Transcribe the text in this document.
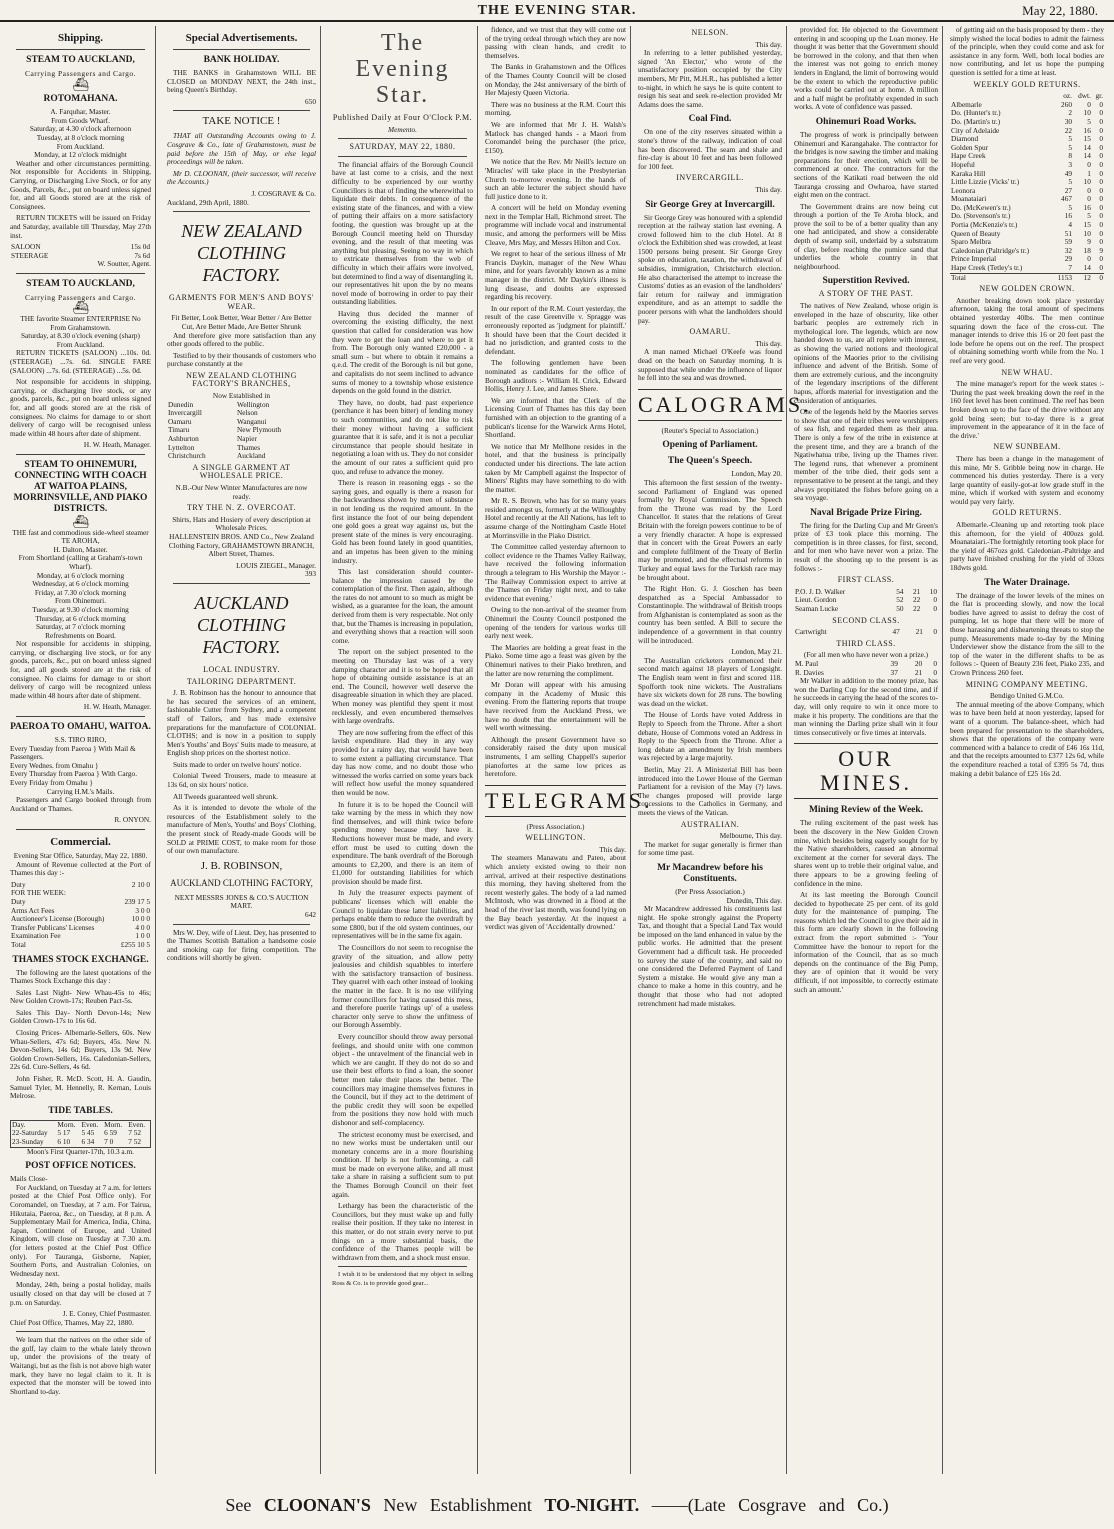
THE EVENING STAR.	May 22, 1880.
Shipping.
STEAM TO AUCKLAND,
Carrying Passengers and Cargo.
⛴
ROTOMAHANA.
A. Farquhar, Master.
From Goods Wharf.
Saturday, at 4.30 o'clock afternoon
Tuesday, at 8 o'clock morning
From Auckland.
Monday, at 12 o'clock midnight

Weather and other circumstances permitting. Not responsible for Accidents in Shipping, Carrying, or Discharging Live Stock, or for any Goods, Parcels, &c., put on board unless signed for, and all Goods stored are at the risk of Consignees.

RETURN TICKETS will be issued on Friday and Saturday, available till Thursday, May 27th inst.

SALOON	15s 0d
STEERAGE	7s 6d
W. Soutter, Agent.
STEAM TO AUCKLAND,
Carrying Passengers and Cargo.
⛴
THE favorite Steamer ENTERPRISE No
From Grahamstown.
Saturday, at 8.30 o'clock evening (sharp)
From Auckland.

RETURN TICKETS (SALOON) ...10s. 0d. (STEERAGE) ...7s. 6d. SINGLE FARE (SALOON) ...7s. 6d. (STEERAGE) ...5s. 0d.

Not responsible for accidents in shipping, carrying, or discharging live stock, or any goods, parcels, &c., put on board unless signed for, and all goods stored are at the risk of consignees. No claims for damage to or short delivery of cargo will be recognised unless made within 48 hours after date of shipment.

H. W. Heath, Manager.
STEAM TO OHINEMURI, CONNECTING WITH COACH AT WAITOA PLAINS, MORRINSVILLE, AND PIAKO DISTRICTS.
⛴
THE fast and commodious side-wheel steamer TE AROHA,
H. Dalton, Master.
From Shortland (calling at Graham's-town Wharf).
Monday, at 6 o'clock morning
Wednesday, at 6 o'clock morning
Friday, at 7.30 o'clock morning
From Ohinemuri.
Tuesday, at 9.30 o'clock morning
Thursday, at 6 o'clock morning
Saturday, at 7 o'clock morning
Refreshments on Board.

Not responsible for accidents in shipping, carrying, or discharging live stock, or for any goods, parcels, &c., put on board unless signed for, and all goods stored are at the risk of consignee. No claims for damage to or short delivery of cargo will be recognized unless made within 48 hours after date of shipment.

H. W. Heath, Manager.
PAEROA TO OMAHU, WAITOA.
S.S. TIRO RIRO,
Every Tuesday from Paeroa } With Mail & Passengers.
Every Wednes. from Omahu }
Every Thursday from Paeroa } With Cargo.
Every Friday from Omahu }
Carrying H.M.'s Mails.

Passengers and Cargo booked through from Auckland or Thames.

R. ONYON.
Commercial.
Evening Star Office, Saturday, May 22, 1880.

Amount of Revenue collected at the Port of Thames this day :-

Duty	2 10 0
FOR THE WEEK:	
Duty	239 17 5
Arms Act Fees	3 0 0
Auctioneer's License (Borough)	10 0 0
Transfer Publicans' Licenses	4 0 0
Examination Fee	1 0 0
Total	£255 10 5
THAMES STOCK EXCHANGE.

The following are the latest quotations of the Thames Stock Exchange this day :

Sales Last Night- New Whau-45s to 46s; New Golden Crown-17s; Reuben Pact-5s.

Sales This Day- North Devon-14s; New Golden Crown-17s to 16s 6d.

Closing Prices- Albemarle-Sellers, 60s. New Whau-Sellers, 47s 6d; Buyers, 45s. New N. Devon-Sellers, 14s 6d; Buyers, 13s 9d. New Golden Crown-Sellers, 16s. Caledonian-Sellers, 22s 6d. Cure-Sellers, 4s 6d.

John Fisher, R. McD. Scott, H. A. Gaudin, Samuel Tyler, M. Hennelly, R. Kernan, Louis Melrose.

TIDE TABLES.
Day.	Morn.	Even.	Morn.	Even.
22-Saturday	5 17	5 45	6 59	7 52
23-Sunday	6 10	6 34	7 0	7 52
Moon's First Quarter-17th, 10.3 a.m.
POST OFFICE NOTICES.
Mails Close-

For Auckland, on Tuesday at 7 a.m. for letters posted at the Chief Post Office only). For Coromandel, on Tuesday, at 7 a.m. For Tairua, Hikutaia, Paeroa, &c., on Tuesday, at 8 p.m. A Supplementary Mail for America, India, China, Japan, Continent of Europe, and United Kingdom, will close on Tuesday at 7.30 a.m. (for letters posted at the Chief Post Office only). For Tauranga, Gisborne, Napier, Southern Ports, and Australian Colonies, on Wednesday next.

Monday, 24th, being a postal holiday, mails usually closed on that day will be closed at 7 p.m. on Saturday.

J. E. Coney, Chief Postmaster.
Chief Post Office, Thames, May 22, 1880.

We learn that the natives on the other side of the gulf, lay claim to the whale lately thrown up, under the provisions of the treaty of Waitangi, but as the fish is not above high water mark, they have no legal claim to it. It is expected that the monster will be towed into Shortland to-day.

Special Advertisements.
BANK HOLIDAY.

THE BANKS in Grahamstown WILL BE CLOSED on MONDAY NEXT, the 24th inst., being Queen's Birthday.

650
TAKE NOTICE !

THAT all Outstanding Accounts owing to J. Cosgrave & Co., late of Grahamstown, must be paid before the 15th of May, or else legal proceedings will be taken.

Mr D. CLOONAN, (their successor, will receive the Accounts.)

J. COSGRAVE & Co.
Auckland, 29th April, 1880.
NEW ZEALAND CLOTHING FACTORY.
GARMENTS FOR MEN'S AND BOYS' WEAR.
Fit Better, Look Better, Wear Better / Are Better Cut, Are Better Made, Are Better Shrunk

And therefore give more satisfaction than any other goods offered to the public.

Testified to by their thousands of customers who purchase constantly at the

NEW ZEALAND CLOTHING FACTORY'S BRANCHES,
Now Established in
Dunedin	Wellington
Invercargill	Nelson
Oamaru	Wanganui
Timaru	New Plymouth
Ashburton	Napier
Lyttelton	Thames
Christchurch	Auckland
A SINGLE GARMENT AT WHOLESALE PRICE.
N.B.-Our New Winter Manufactures are now ready.
TRY THE N. Z. OVERCOAT.
Shirts, Hats and Hosiery of every description at Wholesale Prices.

HALLENSTEIN BROS. AND Co., New Zealand Clothing Factory, GRAHAMSTOWN BRANCH, Albert Street, Thames.

LOUIS ZIEGEL, Manager.
393
AUCKLAND CLOTHING FACTORY.
LOCAL INDUSTRY.
TAILORING DEPARTMENT.

J. B. Robinson has the honour to announce that he has secured the services of an eminent, fashionable Cutter from Sydney, and a competent staff of Tailors, and has made extensive preparations for the manufacture of COLONIAL CLOTHS; and is now in a position to supply Men's Youths' and Boys' Suits made to measure, at English shop prices on the shortest notice.

Suits made to order on twelve hours' notice.

Colonial Tweed Trousers, made to measure at 13s 6d, on six hours' notice.

All Tweeds guaranteed well shrunk.

As it is intended to devote the whole of the resources of the Establishment solely to the manufacture of Men's, Youths' and Boys' Clothing, the present stock of Ready-made Goods will be SOLD at PRIME COST, to make room for those of our own manufacture.

J. B. ROBINSON,
AUCKLAND CLOTHING FACTORY,
NEXT MESSRS JONES & CO.'S AUCTION MART.
642

Mrs W. Dey, wife of Lieut. Dey, has presented to the Thames Scottish Battalion a handsome cosie and smoking cap for firing competition. The conditions will shortly be given.

The Evening Star.
Published Daily at Four O'Clock P.M.
Memento.
SATURDAY, MAY 22, 1880.

The financial affairs of the Borough Council have at last come to a crisis, and the next difficulty to be experienced by our worthy Councillors is that of finding the wherewithal to liquidate their debts. In consequence of the existing state of the finances, and with a view of putting their affairs on a more satisfactory footing, the question was brought up at the Borough Council meeting held on Thursday evening, and the result of that meeting was anything but pleasing. Seeing no way in which to extricate themselves from the web of difficulty in which their affairs were involved, but determined to find a way of disentangling it, our representatives hit upon the by no means novel mode of borrowing in order to pay their outstanding liabilities.

Having thus decided the manner of overcoming the existing difficulty, the next question that called for consideration was how they were to get the loan and where to get it from. The Borough only wanted £20,000 - a small sum - but where to obtain it remains a q.e.d. The credit of the Borough is nil but gone, and capitalists do not seem inclined to advance sums of money to a township whose existence depends on the gold found in the district.

They have, no doubt, had past experience (perchance it has been bitter) of lending money to such communities, and do not like to risk their money without having a sufficient guarantee that it is safe, and it is not a peculiar circumstance that people should hesitate in negotiating a loan with us. They do not consider the amount of our rates a sufficient quid pro quo, and refuse to advance the money.

There is reason in reasoning eggs - so the saying goes, and equally is there a reason for the backwardness shown by men of substance in not lending us the required amount. In the first instance the foot of our being dependent one gold goes a great way against us, but the present state of the mines is very encouraging. Gold has been found lately in good quantities, and an impetus has been given to the mining industry.

This last consideration should counter-balance the impression caused by the contemplation of the first. Then again, although the rates do not amount to so much as might be wished, as a guarantee for the loan, the amount derived from them is very respectable. Not only that, but the Thames is increasing in population, and everything shows that a reaction will soon come.

The report on the subject presented to the meeting on Thursday last was of a very damping character and it is to be hoped that all hope of obtaining outside assistance is at an end. The Council, however well deserve the disagreeable situation in which they are placed. When money was plentiful they spent it most recklessly, and even encumbered themselves with large overdrafts.

They are now suffering from the effect of this lavish expenditure. Had they in any way provided for a rainy day, that would have been to some extent a palliating circumstance. That day has now come, and no doubt those who witnessed the works carried on some years back will reflect how useful the money squandered then would be now.

In future it is to be hoped the Council will take warning by the mess in which they now find themselves, and will think twice before spending money because they have it. Reductions however must be made, and every effort must be used to cutting down the expenditure. The bank overdraft of the Borough amounts to £2,200, and there is an item of £1,000 for outstanding liabilities for which provision should be made first.

In July the treasurer expects payment of publicans' licenses which will enable the Council to liquidate these latter liabilities, and perhaps enable them to reduce the overdraft by some £800, but if the old system continues, our representatives will be in the same fix again.

The Councillors do not seem to recognise the gravity of the situation, and allow petty jealousies and childish squabbles to interfere with the satisfactory transaction of business. They quarrel with each other instead of looking the matter in the face. It is no use vilifying former councillors for having caused this mess, and therefore puerile 'ratings up' of a useless character only serve to show the unfitness of our Borough Assembly.

Every councillor should throw away personal feelings, and should unite with one common object - the unravelment of the financial web in which we are caught. If they do not do so and use their best efforts to find a loan, the sooner better men take their places the better. The councillors may imagine themselves fixtures in the Council, but if they act to the detriment of the public credit they will soon be expelled from the positions they now hold with much dishonor and self-complacency.

The strictest economy must be exercised, and no new works must be undertaken until our monetary concerns are in a more flourishing condition. If help is not forthcoming, a call must be made on everyone alike, and all must take a share in raising a sufficient sum to put the Thames Borough Council on their feet again.

Lethargy has been the characteristic of the Councillors, but they must wake up and fully realise their position. If they take no interest in this matter, or do not strain every nerve to put things on a more substantial basis, the confidence of the Thames people will be withdrawn from them, and a shock must ensue.

I wish it to be understood that my object in selling Ross & Co. is to provide good gear...

fidence, and we trust that they will come out of the trying ordeal through which they are now passing with clean hands, and credit to themselves.

The Banks in Grahamstown and the Offices of the Thames County Council will be closed on Monday, the 24st anniversary of the birth of Her Majesty Queen Victoria.

There was no business at the R.M. Court this morning.

We are informed that Mr J. H. Walsh's Matlock has changed hands - a Maori from Coromandel being the purchaser (the price, £150).

We notice that the Rev. Mr Neill's lecture on 'Miracles' will take place in the Presbyterian Church to-morrow evening. In the hands of such an able lecturer the subject should have full justice done to it.

A concert will be held on Monday evening next in the Templar Hall, Richmond street. The programme will include vocal and instrumental music, and among the performers will be Miss Cleave, Mrs May, and Messrs Hilton and Cox.

We regret to hear of the serious illness of Mr Francis Daykin, manager of the New Whau mine, and for years favorably known as a mine manager in the district. Mr Daykin's illness is lung disease, and doubts are expressed regarding his recovery.

In our report of the R.M. Court yesterday, the result of the case Greenville v. Spragge was erroneously reported as 'judgment for plaintiff.' It should have been that the Court decided it had no jurisdiction, and granted costs to the defendant.

The following gentlemen have been nominated as candidates for the office of Borough auditors :- William H. Crick, Edward Hollis, Henry J. Lee, and James Shere.

We are informed that the Clerk of the Licensing Court of Thames has this day been furnished with an objection to the granting of a publican's license for the Warwick Arms Hotel, Shortland.

We notice that Mr Mellhone resides in the hotel, and that the business is principally conducted under his directions. The late action taken by Mr Campbell against the Inspector of Miners' Rights may have something to do with the matter.

Mr R. S. Brown, who has for so many years resided amongst us, formerly at the Willoughby Hotel and recently at the All Nations, has left to assume charge of the Nottingham Castle Hotel at Morrinsville in the Piako District.

The Committee called yesterday afternoon to collect evidence re the Thames Valley Railway, have received the following information through a telegram to His Worship the Mayor :- 'The Railway Commission expect to arrive at the Thames on Friday night next, and to take evidence that evening.'

Owing to the non-arrival of the steamer from Ohinemuri the County Council postponed the opening of the tenders for various works till early next week.

The Maories are holding a great feast in the Piako. Some time ago a feast was given by the Ohinemuri natives to their Piako brethren, and the latter are now returning the compliment.

Mr Doran will appear with his amusing company in the Academy of Music this evening. From the flattering reports that troupe have received from the Auckland Press, we have no doubt that the entertainment will be well worth witnessing.

Although the present Government have so considerably raised the duty upon musical instruments, I am selling Chappell's superior pianofortes at the same low prices as heretofore.

TELEGRAMS.
(Press Association.)
WELLINGTON.
This day.

The steamers Manawatu and Pateo, about which anxiety existed owing to their non arrival, arrived at their respective destinations this morning, they having sheltered from the recent westerly gales. The body of a lad named McIntosh, who was drowned in a flood at the head of the river last month, was found lying on the Bay beach yesterday. At the inquest a verdict was given of 'Accidentally drowned.'

NELSON.
This day.

In referring to a letter published yesterday, signed 'An Elector,' who wrote of the unsatisfactory position occupied by the City members, Mr Pitt, M.H.R., has published a letter to-night, in which he says he is quite content to resign his seat and seek re-election provided Mr Adams does the same.

Coal Find.

On one of the city reserves situated within a stone's throw of the railway, indication of coal has been discovered. The seam and shale and fire-clay is about 10 feet and has been followed for 100 feet.

INVERCARGILL.
This day.
Sir George Grey at Invercargill.

Sir George Grey was honoured with a splendid reception at the railway station last evening. A crowd followed him to the club Hotel. At 8 o'clock the Exhibition shed was crowded, at least 1500 persons being present. Sir George Grey spoke on education, taxation, the withdrawal of subsidies, immigration, Christchurch election. He also characterised the attempt to increase the Customs' duties as an evasion of the landholders' fair return for railway and immigration expenditure, and as an attempt to saddle the poorer persons with what the landholders should pay.

OAMARU.
This day.

A man named Michael O'Keefe was found dead on the beach on Saturday morning. It is supposed that while under the influence of liquor he fell into the sea and was drowned.

CALOGRAMS.
(Reuter's Special to Association.)
Opening of Parliament.
The Queen's Speech.
London, May 20.

This afternoon the first session of the twenty-second Parliament of England was opened formally by Royal Commission. The Speech from the Throne was read by the Lord Chancellor. It states that the relations of Great Britain with the foreign powers continue to be of a very friendly character. A hope is expressed that in concert with the Great Powers an early and complete fulfilment of the Treaty of Berlin may be promoted, and the effectual reforms in Turkey and equal laws for the Turkish race may be brought about.

The Right Hon. G. J. Goschen has been despatched as a Special Ambassador to Constantinople. The withdrawal of British troops from Afghanistan is contemplated as soon as the country has been settled. A Bill to secure the independence of a government in that country will be introduced.

London, May 21.

The Australian cricketers commenced their second match against 18 players of Longsight. The English team went in first and scored 118. Spofforth took nine wickets. The Australians have six wickets down for 28 runs. The bowling was dead on the wicket.

The House of Lords have voted Address in Reply to Speech from the Throne. After a short debate, House of Commons voted an Address in Reply to the Speech from the Throne. After a long debate an amendment by Irish members was rejected by a large majority.

Berlin, May 21. A Ministerial Bill has been introduced into the Lower House of the German Parliament for a revision of the May (?) laws. The changes proposed will provide large concessions to the Catholics in Germany, and meets the views of the Vatican.

AUSTRALIAN.
Melbourne, This day.

The market for sugar generally is firmer than for some time past.

Mr Macandrew before his Constituents.
(Per Press Association.)
Dunedin, This day.

Mr Macandrew addressed his constituents last night. He spoke strongly against the Property Tax, and thought that a Special Land Tax would be imposed on the land enhanced in value by the public works. He admitted that the present Government had a difficult task. He proceeded to survey the state of the country, and said no one considered the Deferred Payment of Land System a mistake. He would give any man a chance to make a home in this country, and he thought that those who had not adopted retrenchment had made mistakes.

provided for. He objected to the Government entering in and scooping up the Loan money. He thought it was better that the Government should be borrowed in the colony, and that then when the interest was not going to enrich money lenders in England, the limit of borrowing would be the extent to which the reproductive public works could be carried out at home. A million and a half might be profitably expended in such works. A vote of confidence was passed.

Ohinemuri Road Works.

The progress of work is principally between Ohinemuri and Karangahake. The contractor for the bridges is now sawing the timber and making preparations for their erection, which will be commenced at once. The contractors for the sections of the Katikati road between the old Tauranga crossing and Owharoa, have started eight men on the contract.

The Government drains are now being cut through a portion of the Te Aroha block, and prove the soil to be of a better quality than any one had anticipated, and show a considerable depth of swamp soil, underlaid by a substratum of clay, before reaching the pumice sand that underlies the whole country in that neighbourhood.

Superstition Revived.
A STORY OF THE PAST.

The natives of New Zealand, whose origin is enveloped in the haze of obscurity, like other barbaric peoples are extremely rich in mythological lore. The legends, which are now handed down to us, are all replete with interest, as showing the varied notions and theological opinions of the Maories prior to the civilising influence and advent of the British. Some of them are extremely curious, and the incongruity of the legendary inscriptions of the different hapus, affords material for investigation and the consideration of antiquaries.

One of the legends held by the Maories serves to show that one of their tribes were worshippers of sea fish, and regarded them as their atua. There is only a few of the tribe in existence at the present time, and they are a branch of the Ngatiwhatua tribe, living up the Thames river. The legend runs, that whenever a prominent member of the tribe died, their gods sent a representative to be present at the tangi, and they always propitiated the fishes before going on a sea voyage.

Naval Brigade Prize Firing.

The firing for the Darling Cup and Mr Green's prize of £3 took place this morning. The competition is in three classes, for first, second, and for men who have never won a prize. The result of the shooting up to the present is as follows :-

FIRST CLASS.
P.O. J. D. Walker	54	21	10
Lieut. Gordon	52	22	0
Seaman Lucke	50	22	0
SECOND CLASS.
Cartwright	47	21	0
THIRD CLASS.
(For all men who have never won a prize.)
M. Paul	39	20	0
R. Davies	37	21	0

Mr Walker in addition to the money prize, has won the Darling Cup for the second time, and if he succeeds in carrying the head of the scores to-day, will only require to win it once more to make it his property. The conditions are that the man winning the Darling prize shall win it four times consecutively or five times at intervals.

OUR MINES.
Mining Review of the Week.

The ruling excitement of the past week has been the discovery in the New Golden Crown mine, which besides being eagerly sought for by the Native shareholders, caused an abnormal excitement at the corner for several days. The shares went up to treble their original value, and there appears to be a growing feeling of confidence in the mine.

At its last meeting the Borough Council decided to hypothecate 25 per cent. of its gold duty for the maintenance of pumping. The reasons which led the Council to give their aid in this form are clearly shown in the following extract from the report submitted :- 'Your Committee have the honour to report for the information of the Council, that as so much depends on the continuance of the Big Pump, they are of opinion that it would be very difficult, if not impossible, to correctly estimate such an amount.'

of getting aid on the basis proposed by them - they simply wished the local bodies to admit the fairness of the principle, when they could come and ask for assistance in any form. Well, both local bodies are now contributing, and let us hope the pumping question is settled for a time at least.

WEEKLY GOLD RETURNS.
	oz.	dwt.	gr.
Albemarle	260	0	0
Do. (Hunter's tr.)	2	10	0
Do. (Martin's tr.)	30	5	0
City of Adelaide	22	16	0
Diamond	5	15	0
Golden Spur	5	14	0
Hape Creek	8	14	0
Hopeful	3	0	0
Karaka Hill	49	1	0
Little Lizzie (Vicks' tr.)	5	10	0
Leonora	27	0	0
Moanataiari	467	0	0
Do. (McKewen's tr.)	5	16	0
Do. (Stevenson's tr.)	16	5	0
Portia (McKenzie's tr.)	4	15	0
Queen of Beauty	51	10	0
Sparo Melbra	59	9	0
Caledonian (Paltridge's tr.)	32	18	9
Prince Imperial	29	0	0
Hape Creek (Tetley's tr.)	7	14	0
Total	1153	12	0
NEW GOLDEN CROWN.

Another breaking down took place yesterday afternoon, taking the total amount of specimens obtained yesterday 40lbs. The men continue squaring down the face of the cross-cut. The manager intends to drive this 16 or 20 feet past the lode before he opens out on the reef. The prospect of obtaining something worth while from the No. 1 reef are very good.

NEW WHAU.

The mine manager's report for the week states :- 'During the past week breaking down the reef in the 160 feet level has been continued. The reef has been broken down up to the face of the drive without any gold being seen; but to-day there is a great improvement in the appearance of it in the face of the drive.'

NEW SUNBEAM.

There has been a change in the management of this mine, Mr S. Gribble being now in charge. He commenced his duties yesterday. There is a very large quantity of easily-got-at low grade stuff in the mine, which if worked with system and economy would pay very fairly.

GOLD RETURNS.

Albemarle.-Cleaning up and retorting took place this afternoon, for the yield of 400ozs gold. Moanataiari.-The fortnightly retorting took place for the yield of 467ozs gold. Caledonian.-Paltridge and party have finished crushing for the yield of 33ozs 18dwts gold.

The Water Drainage.

The drainage of the lower levels of the mines on the flat is proceeding slowly, and now the local bodies have agreed to assist to defray the cost of pumping, let us hope that there will be more of those harassing and disheartening threats to stop the pump. Measurements made to-day by the Mining Underviewer show the distance from the sill to the top of the water in the different shafts to be as follows :- Queen of Beauty 236 feet, Piako 235, and Crown Princess 260 feet.

MINING COMPANY MEETING.
Bendigo United G.M.Co.

The annual meeting of the above Company, which was to have been held at noon yesterday, lapsed for want of a quorum. The balance-sheet, which had been prepared for presentation to the shareholders, shows that the operations of the company were commenced with a balance to credit of £46 16s 11d, and that the receipts amounted to £377 12s 6d, while the expenditure reached a total of £395 5s 7d, thus making a debit balance of £25 16s 2d.

See CLOONAN'S New Establishment TO-NIGHT. ——(Late Cosgrave and Co.)
